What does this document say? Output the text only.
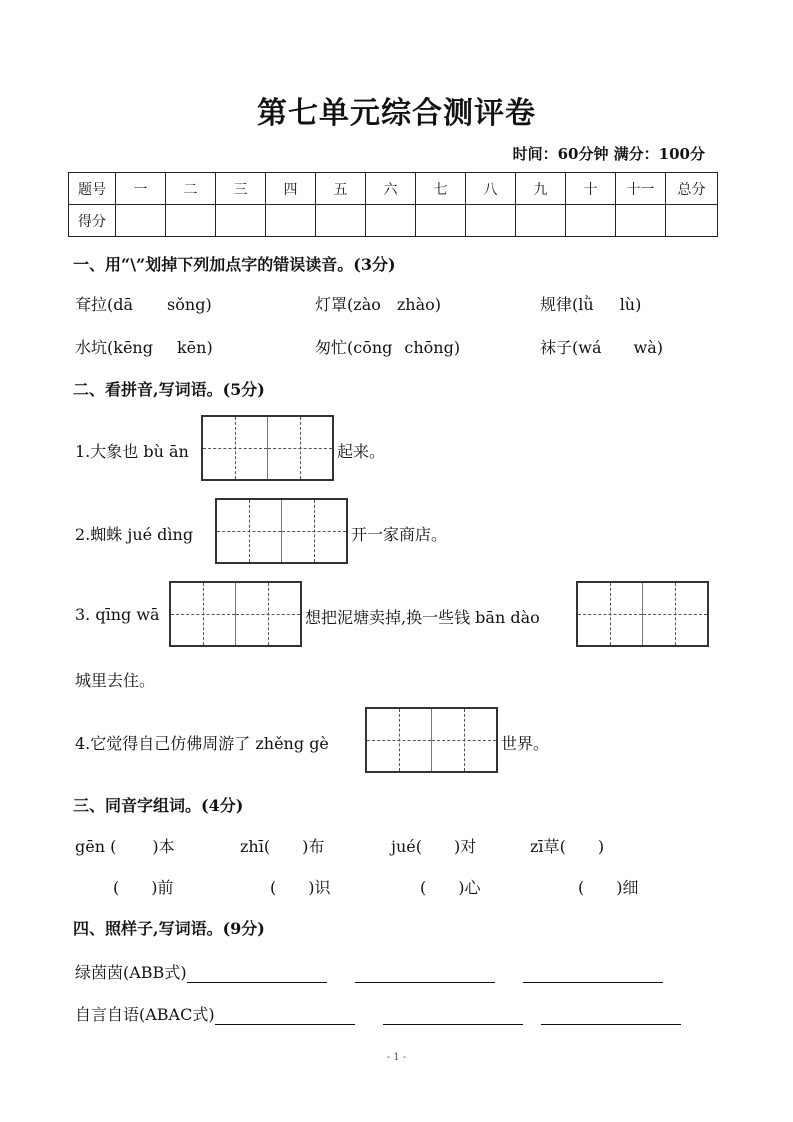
第七单元综合测评卷
时间：60分钟 满分：100分
题号	一	二	三	四	五	六	七	八	九	十	十一	总分
得分												
一、用“\”划掉下列加点字的错误读音。(3分)
耷拉(dā sǒng)	灯罩(zào zhào)	规律(lǜ lù)
水坑(kēng kēn)	匆忙(cōng chōng)	袜子(wá wà)
二、看拼音,写词语。(5分)
1.大象也 bù ān	起来。
2.蜘蛛 jué dìng	开一家商店。
3. qīng wā	想把泥塘卖掉,换一些钱 bān dào
城里去住。
4.它觉得自己仿佛周游了 zhěng gè	世界。
三、同音字组词。(4分)
gēn ( )本	zhī( )布	jué( )对	zī草( )
( )前	( )识	( )心	( )细
四、照样子,写词语。(9分)
绿茵茵(ABB式)
自言自语(ABAC式)
- 1 -
